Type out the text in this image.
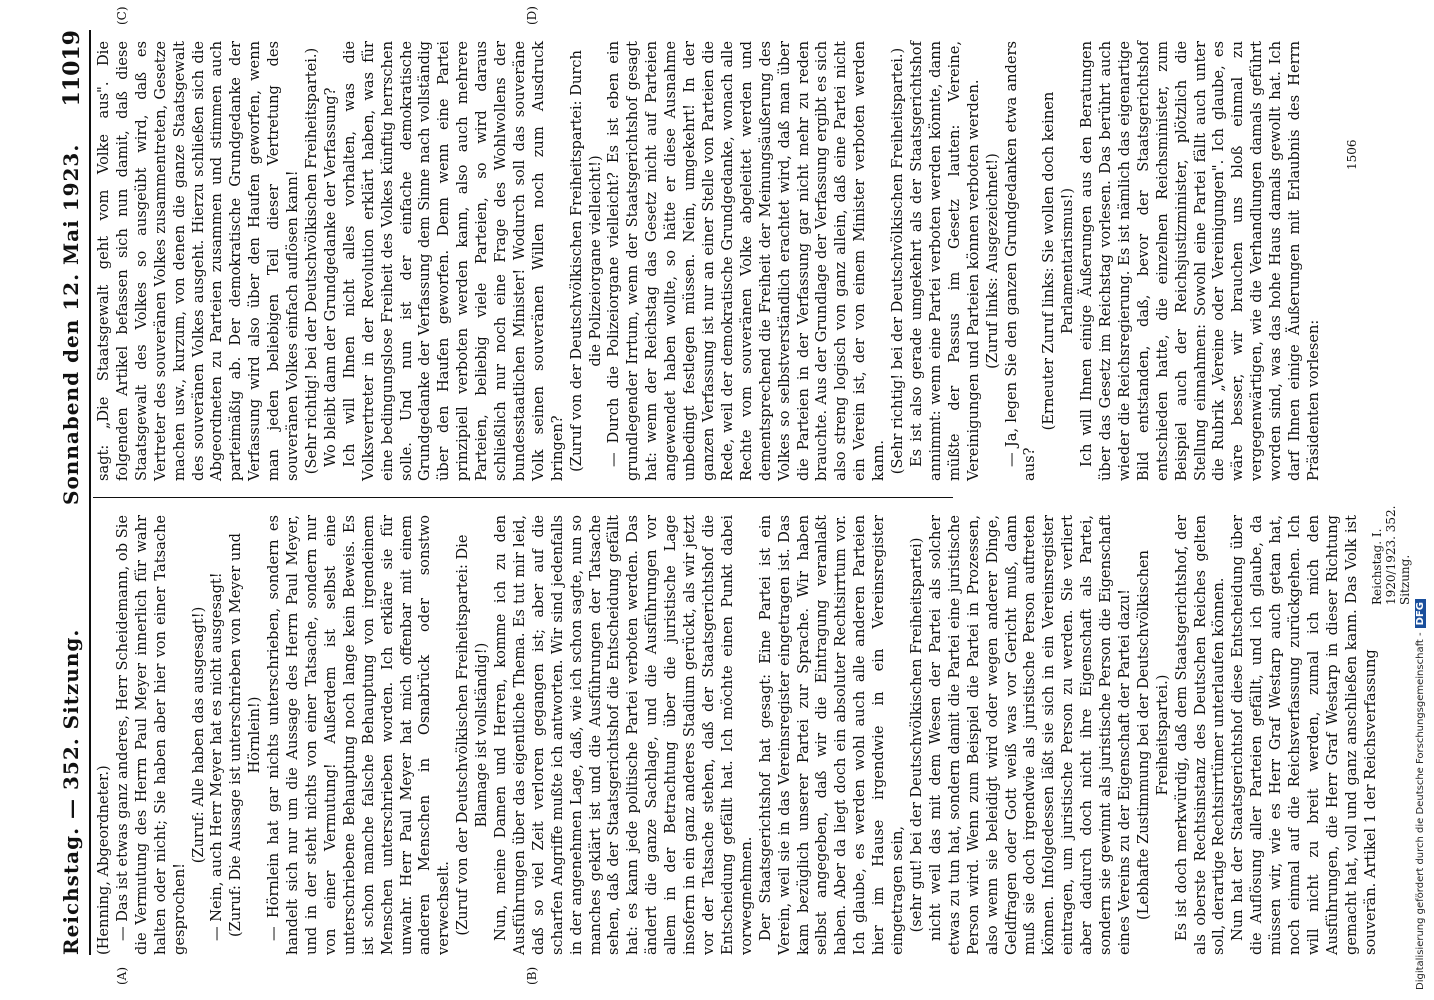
Reichstag. — 352. Sitzung.
Sonnabend den 12. Mai 1923.
11019

(Henning, Abgeordneter.) — Das ist etwas ganz anderes, Herr Scheidemann, ob Sie die Vermutung des Herrn Paul Meyer innerlich für wahr halten oder nicht; Sie haben aber hier von einer Tatsache gesprochen!

(Zuruf: Alle haben das ausgesagt!) — Nein, auch Herr Meyer hat es nicht ausgesagt! (Zuruf: Die Aussage ist unterschrieben von Meyer und Hörnlein!) — Hörnlein hat gar nichts unterschrieben, sondern es handelt sich nur um die Aussage des Herrn Paul Meyer, und in der steht nichts von einer Tatsache, sondern nur von einer Vermutung! Außerdem ist selbst eine unterschriebene Behauptung noch lange kein Beweis. Es ist schon manche falsche Behauptung von irgendeinem Menschen unterschrieben worden. Ich erkläre sie für unwahr. Herr Paul Meyer hat mich offenbar mit einem anderen Menschen in Osnabrück oder sonstwo verwechselt. (Zuruf von der Deutschvölkischen Freiheitspartei: Die Blamage ist vollständig!) Nun, meine Damen und Herren, komme ich zu den Ausführungen über das eigentliche Thema. Es tut mir leid, daß so viel Zeit verloren gegangen ist; aber auf die scharfen Angriffe mußte ich antworten. Wir sind jedenfalls in der angenehmen Lage, daß, wie ich schon sagte, nun so manches geklärt ist und die Ausführungen der Tatsache sehen, daß der Staatsgerichtshof die Entscheidung gefällt hat: es kann jede politische Partei verboten werden. Das ändert die ganze Sachlage, und die Ausführungen vor allem in der Betrachtung über die juristische Lage insofern in ein ganz anderes Stadium gerückt, als wir jetzt vor der Tatsache stehen, daß der Staatsgerichtshof die Entscheidung gefällt hat. Ich möchte einen Punkt dabei vorwegnehmen. Der Staatsgerichtshof hat gesagt: Eine Partei ist ein Verein, weil sie in das Vereinsregister eingetragen ist. Das kam bezüglich unserer Partei zur Sprache. Wir haben selbst angegeben, daß wir die Eintragung veranlaßt haben. Aber da liegt doch ein absoluter Rechtsirrtum vor. Ich glaube, es werden wohl auch alle anderen Parteien hier im Hause irgendwie in ein Vereinsregister eingetragen sein, (sehr gut! bei der Deutschvölkischen Freiheitspartei) nicht weil das mit dem Wesen der Partei als solcher etwas zu tun hat, sondern damit die Partei eine juristische Person wird. Wenn zum Beispiel die Partei in Prozessen, also wenn sie beleidigt wird oder wegen anderer Dinge, Geldfragen oder Gott weiß was vor Gericht muß, dann muß sie doch irgendwie als juristische Person auftreten können. Infolgedessen läßt sie sich in ein Vereinsregister eintragen, um juristische Person zu werden. Sie verliert aber dadurch doch nicht ihre Eigenschaft als Partei, sondern sie gewinnt als juristische Person die Eigenschaft eines Vereins zu der Eigenschaft der Partei dazu! (Lebhafte Zustimmung bei der Deutschvölkischen Freiheitspartei.) Es ist doch merkwürdig, daß dem Staatsgerichtshof, der als oberste Rechtsinstanz des Deutschen Reiches gelten soll, derartige Rechtsirrtümer unterlaufen können. Nun hat der Staatsgerichtshof diese Entscheidung über die Auflösung aller Parteien gefällt, und ich glaube, da müssen wir, wie es Herr Graf Westarp auch getan hat, noch einmal auf die Reichsverfassung zurückgehen. Ich will nicht zu breit werden, zumal ich mich den Ausführungen, die Herr Graf Westarp in dieser Richtung gemacht hat, voll und ganz anschließen kann. Das Volk ist souverän. Artikel 1 der Reichsverfassung

sagt: „Die Staatsgewalt geht vom Volke aus". Die folgenden Artikel befassen sich nun damit, daß diese Staatsgewalt des Volkes so ausgeübt wird, daß es Vertreter des souveränen Volkes zusammentreten, Gesetze machen usw., kurzum, von denen die ganze Staatsgewalt des souveränen Volkes ausgeht. Hierzu schließen sich die Abgeordneten zu Parteien zusammen und stimmen auch parteimäßig ab. Der demokratische Grundgedanke der Verfassung wird also über den Haufen geworfen, wenn man jeden beliebigen Teil dieser Vertretung des souveränen Volkes einfach auflösen kann! (Sehr richtig! bei der Deutschvölkischen Freiheitspartei.) Wo bleibt dann der Grundgedanke der Verfassung? Ich will Ihnen nicht alles vorhalten, was die Volksvertreter in der Revolution erklärt haben, was für eine bedingungslose Freiheit des Volkes künftig herrschen solle. Und nun ist der einfache demokratische Grundgedanke der Verfassung dem Sinne nach vollständig über den Haufen geworfen. Denn wenn eine Partei prinzipiell verboten werden kann, also auch mehrere Parteien, beliebig viele Parteien, so wird daraus schließlich nur noch eine Frage des Wohlwollens der bundesstaatlichen Minister! Wodurch soll das souveräne Volk seinen souveränen Willen noch zum Ausdruck bringen? (Zuruf von der Deutschvölkischen Freiheitspartei: Durch die Polizeiorgane vielleicht!) — Durch die Polizeiorgane vielleicht? Es ist eben ein grundlegender Irrtum, wenn der Staatsgerichtshof gesagt hat: wenn der Reichstag das Gesetz nicht auf Parteien angewendet haben wollte, so hätte er diese Ausnahme unbedingt festlegen müssen. Nein, umgekehrt! In der ganzen Verfassung ist nur an einer Stelle von Parteien die Rede, weil der demokratische Grundgedanke, wonach alle Rechte vom souveränen Volke abgeleitet werden und dementsprechend die Freiheit der Meinungsäußerung des Volkes so selbstverständlich erachtet wird, daß man über die Parteien in der Verfassung gar nicht mehr zu reden brauchte. Aus der Grundlage der Verfassung ergibt es sich also streng logisch von ganz allein, daß eine Partei nicht ein Verein ist, der von einem Minister verboten werden kann. (Sehr richtig! bei der Deutschvölkischen Freiheitspartei.) Es ist also gerade umgekehrt als der Staatsgerichtshof annimmt: wenn eine Partei verboten werden könnte, dann müßte der Passus im Gesetz lauten: Vereine, Vereinigungen und Parteien können verboten werden. (Zuruf links: Ausgezeichnet!) — Ja, legen Sie den ganzen Grundgedanken etwa anders aus?

(Erneuter Zuruf links: Sie wollen doch keinen Parlamentarismus!) Ich will Ihnen einige Äußerungen aus den Beratungen über das Gesetz im Reichstag vorlesen. Das berührt auch wieder die Reichsregierung. Es ist nämlich das eigenartige Bild entstanden, daß, bevor der Staatsgerichtshof entschieden hatte, die einzelnen Reichsminister, zum Beispiel auch der Reichsjustizminister, plötzlich die Stellung einnahmen: Sowohl eine Partei fällt auch unter die Rubrik „Vereine oder Vereinigungen". Ich glaube, es wäre besser, wir brauchen uns bloß einmal zu vergegenwärtigen, wie die Verhandlungen damals geführt worden sind, was das hohe Haus damals gewollt hat. Ich darf Ihnen einige Äußerungen mit Erlaubnis des Herrn Präsidenten vorlesen:

(A)	(B)
(C)	(D)
Reichstag. I. 1920/1923. 352. Sitzung.
1506
Digitalisierung gefördert durch die Deutsche Forschungsgemeinschaft -DFG
